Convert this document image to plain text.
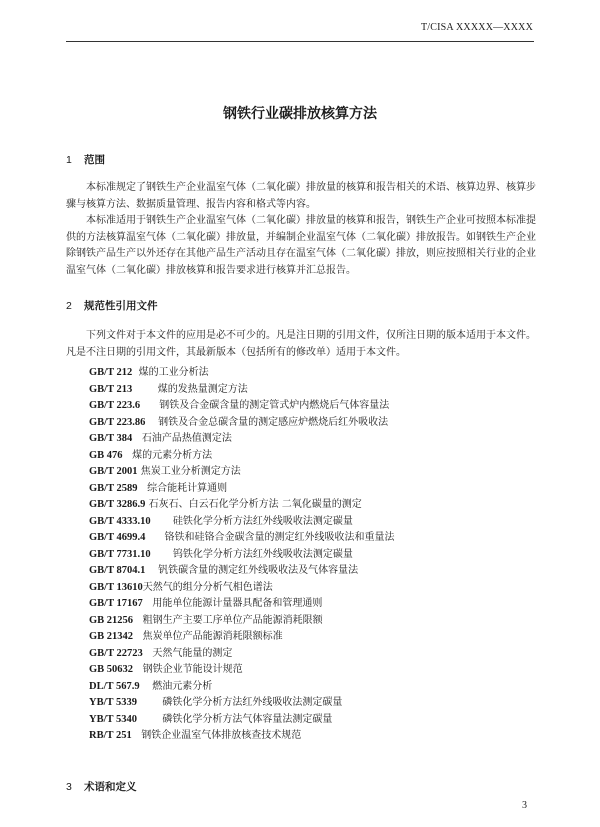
T/CISA XXXXX—XXXX
钢铁行业碳排放核算方法
1 范围
本标准规定了钢铁生产企业温室气体（二氧化碳）排放量的核算和报告相关的术语、核算边界、核算步骤与核算方法、数据质量管理、报告内容和格式等内容。
本标准适用于钢铁生产企业温室气体（二氧化碳）排放量的核算和报告，钢铁生产企业可按照本标准提供的方法核算温室气体（二氧化碳）排放量，并编制企业温室气体（二氧化碳）排放报告。如钢铁生产企业除钢铁产品生产以外还存在其他产品生产活动且存在温室气体（二氧化碳）排放，则应按照相关行业的企业温室气体（二氧化碳）排放核算和报告要求进行核算并汇总报告。
2 规范性引用文件
下列文件对于本文件的应用是必不可少的。凡是注日期的引用文件，仅所注日期的版本适用于本文件。凡是不注日期的引用文件，其最新版本（包括所有的修改单）适用于本文件。
GB/T 212 煤的工业分析法
GB/T 213	煤的发热量测定方法
GB/T 223.6 钢铁及合金碳含量的测定管式炉内燃烧后气体容量法
GB/T 223.86 钢铁及合金总碳含量的测定感应炉燃烧后红外吸收法
GB/T 384 石油产品热值测定法
GB 476 煤的元素分析方法
GB/T 2001 焦炭工业分析测定方法
GB/T 2589 综合能耗计算通则
GB/T 3286.9 石灰石、白云石化学分析方法 二氧化碳量的测定
GB/T 4333.10 硅铁化学分析方法红外线吸收法测定碳量
GB/T 4699.4 铬铁和硅铬合金碳含量的测定红外线吸收法和重量法
GB/T 7731.10 钨铁化学分析方法红外线吸收法测定碳量
GB/T 8704.1 钒铁碳含量的测定红外线吸收法及气体容量法
GB/T 13610天然气的组分分析气相色谱法
GB/T 17167 用能单位能源计量器具配备和管理通则
GB 21256 粗钢生产主要工序单位产品能源消耗限额
GB 21342 焦炭单位产品能源消耗限额标准
GB/T 22723 天然气能量的测定
GB 50632 钢铁企业节能设计规范
DL/T 567.9 燃油元素分析
YB/T 5339	磷铁化学分析方法红外线吸收法测定碳量
YB/T 5340	磷铁化学分析方法气体容量法测定碳量
RB/T 251 钢铁企业温室气体排放核查技术规范
3 术语和定义
3
